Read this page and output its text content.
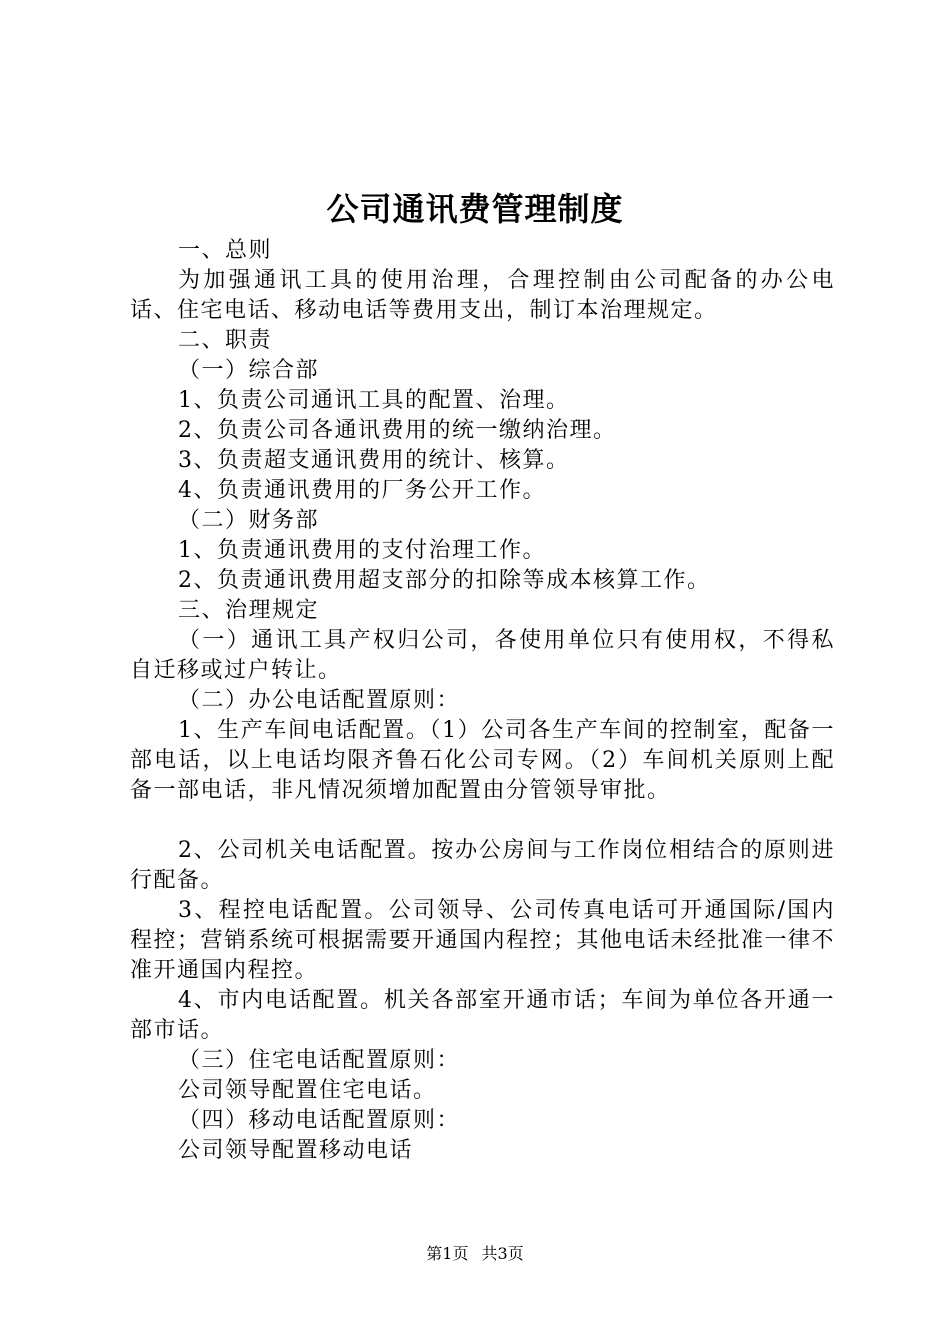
公司通讯费管理制度

一、总则

为加强通讯工具的使用治理，合理控制由公司配备的办公电话、住宅电话、移动电话等费用支出，制订本治理规定。

二、职责

（一）综合部

1、负责公司通讯工具的配置、治理。

2、负责公司各通讯费用的统一缴纳治理。

3、负责超支通讯费用的统计、核算。

4、负责通讯费用的厂务公开工作。

（二）财务部

1、负责通讯费用的支付治理工作。

2、负责通讯费用超支部分的扣除等成本核算工作。

三、治理规定

（一）通讯工具产权归公司，各使用单位只有使用权，不得私自迁移或过户转让。

（二）办公电话配置原则：

1、生产车间电话配置。（1）公司各生产车间的控制室，配备一部电话，以上电话均限齐鲁石化公司专网。（2）车间机关原则上配备一部电话，非凡情况须增加配置由分管领导审批。

2、公司机关电话配置。按办公房间与工作岗位相结合的原则进行配备。

3、程控电话配置。公司领导、公司传真电话可开通国际/国内程控；营销系统可根据需要开通国内程控；其他电话未经批准一律不准开通国内程控。

4、市内电话配置。机关各部室开通市话；车间为单位各开通一部市话。

（三）住宅电话配置原则：

公司领导配置住宅电话。

（四）移动电话配置原则：

公司领导配置移动电话

第1页 共3页
